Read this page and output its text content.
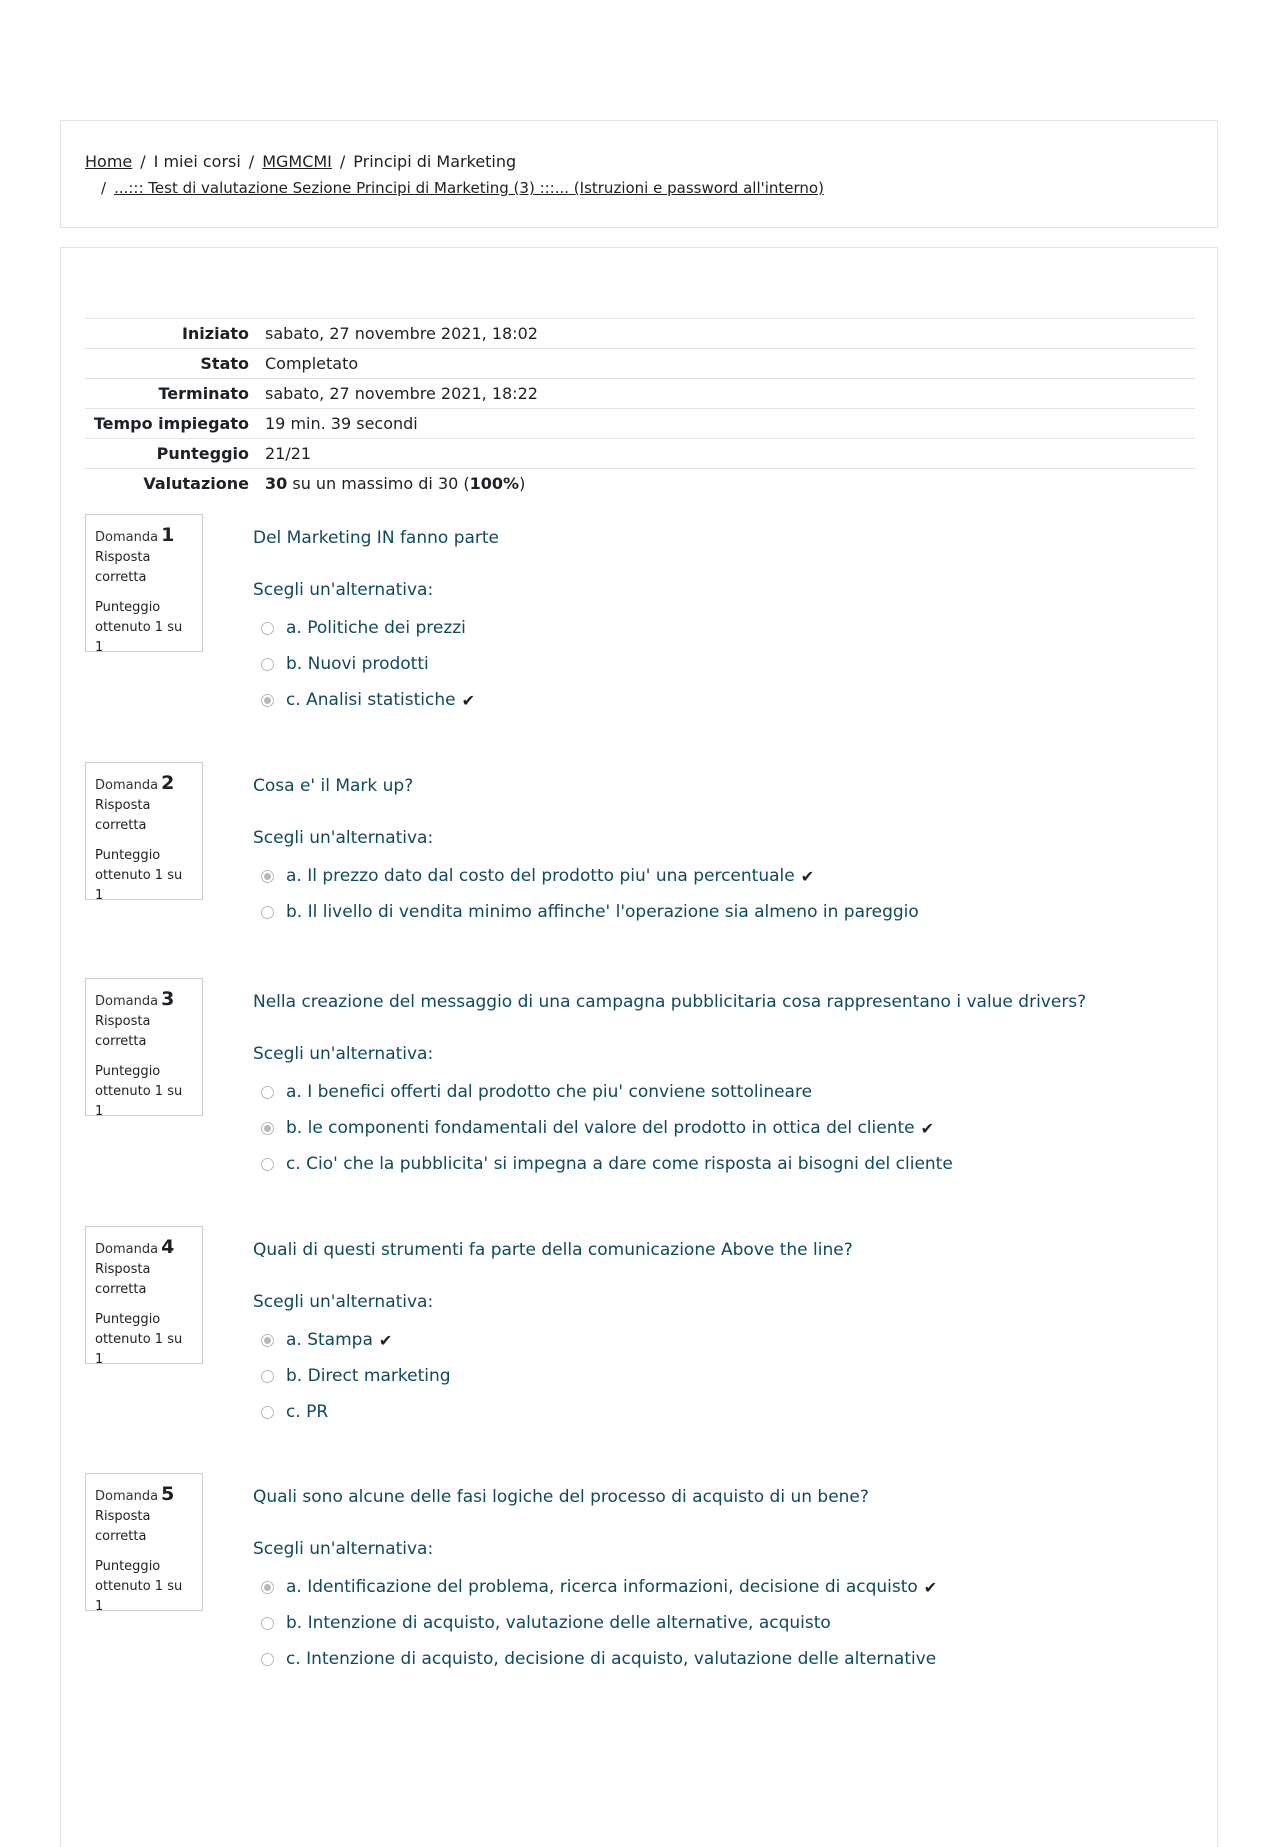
Home / I miei corsi / MGMCMI / Principi di Marketing
/ ...::: Test di valutazione Sezione Principi di Marketing (3) :::... (Istruzioni e password all'interno)
Iniziato	sabato, 27 novembre 2021, 18:02
Stato	Completato
Terminato	sabato, 27 novembre 2021, 18:22
Tempo impiegato	19 min. 39 secondi
Punteggio	21/21
Valutazione	30 su un massimo di 30 (100%)
Domanda 1
Risposta corretta
Punteggio ottenuto 1 su 1
Del Marketing IN fanno parte
Scegli un'alternativa:
a. Politiche dei prezzi
b. Nuovi prodotti
c. Analisi statistiche ✔
Domanda 2
Risposta corretta
Punteggio ottenuto 1 su 1
Cosa e' il Mark up?
Scegli un'alternativa:
a. Il prezzo dato dal costo del prodotto piu' una percentuale ✔
b. Il livello di vendita minimo affinche' l'operazione sia almeno in pareggio
Domanda 3
Risposta corretta
Punteggio ottenuto 1 su 1
Nella creazione del messaggio di una campagna pubblicitaria cosa rappresentano i value drivers?
Scegli un'alternativa:
a. I benefici offerti dal prodotto che piu' conviene sottolineare
b. le componenti fondamentali del valore del prodotto in ottica del cliente ✔
c. Cio' che la pubblicita' si impegna a dare come risposta ai bisogni del cliente
Domanda 4
Risposta corretta
Punteggio ottenuto 1 su 1
Quali di questi strumenti fa parte della comunicazione Above the line?
Scegli un'alternativa:
a. Stampa ✔
b. Direct marketing
c. PR
Domanda 5
Risposta corretta
Punteggio ottenuto 1 su 1
Quali sono alcune delle fasi logiche del processo di acquisto di un bene?
Scegli un'alternativa:
a. Identificazione del problema, ricerca informazioni, decisione di acquisto ✔
b. Intenzione di acquisto, valutazione delle alternative, acquisto
c. Intenzione di acquisto, decisione di acquisto, valutazione delle alternative
